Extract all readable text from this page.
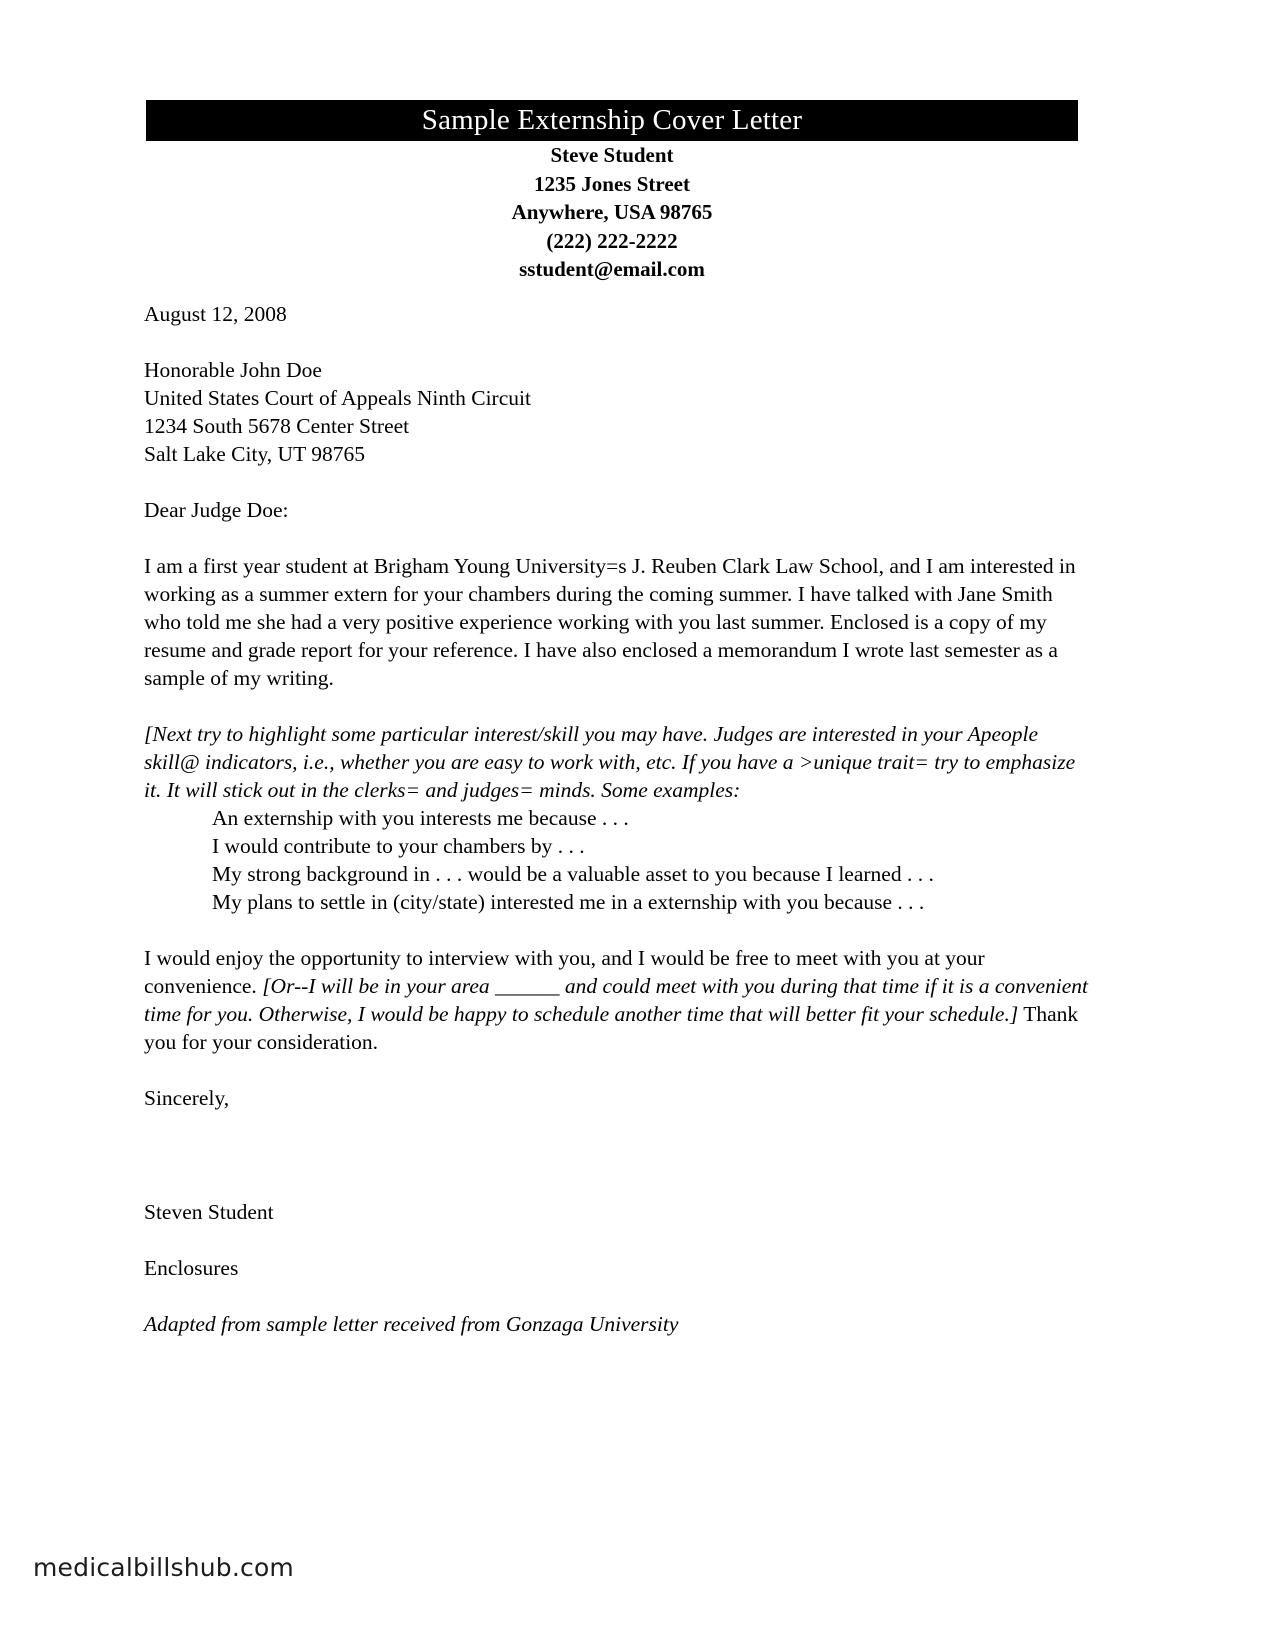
Sample Externship Cover Letter
Steve Student
1235 Jones Street
Anywhere, USA 98765
(222) 222-2222
sstudent@email.com

August 12, 2008

Honorable John Doe
United States Court of Appeals Ninth Circuit
1234 South 5678 Center Street
Salt Lake City, UT 98765

Dear Judge Doe:

I am a first year student at Brigham Young University=s J. Reuben Clark Law School, and I am interested in working as a summer extern for your chambers during the coming summer. I have talked with Jane Smith who told me she had a very positive experience working with you last summer. Enclosed is a copy of my resume and grade report for your reference. I have also enclosed a memorandum I wrote last semester as a sample of my writing.

[Next try to highlight some particular interest/skill you may have. Judges are interested in your Apeople skill@ indicators, i.e., whether you are easy to work with, etc. If you have a >unique trait= try to emphasize it. It will stick out in the clerks= and judges= minds. Some examples:

An externship with you interests me because . . .
I would contribute to your chambers by . . .
My strong background in . . . would be a valuable asset to you because I learned . . .
My plans to settle in (city/state) interested me in a externship with you because . . .

I would enjoy the opportunity to interview with you, and I would be free to meet with you at your convenience. [Or--I will be in your area ______ and could meet with you during that time if it is a convenient time for you. Otherwise, I would be happy to schedule another time that will better fit your schedule.] Thank you for your consideration.

Sincerely,

Steven Student

Enclosures

Adapted from sample letter received from Gonzaga University

medicalbillshub.com
